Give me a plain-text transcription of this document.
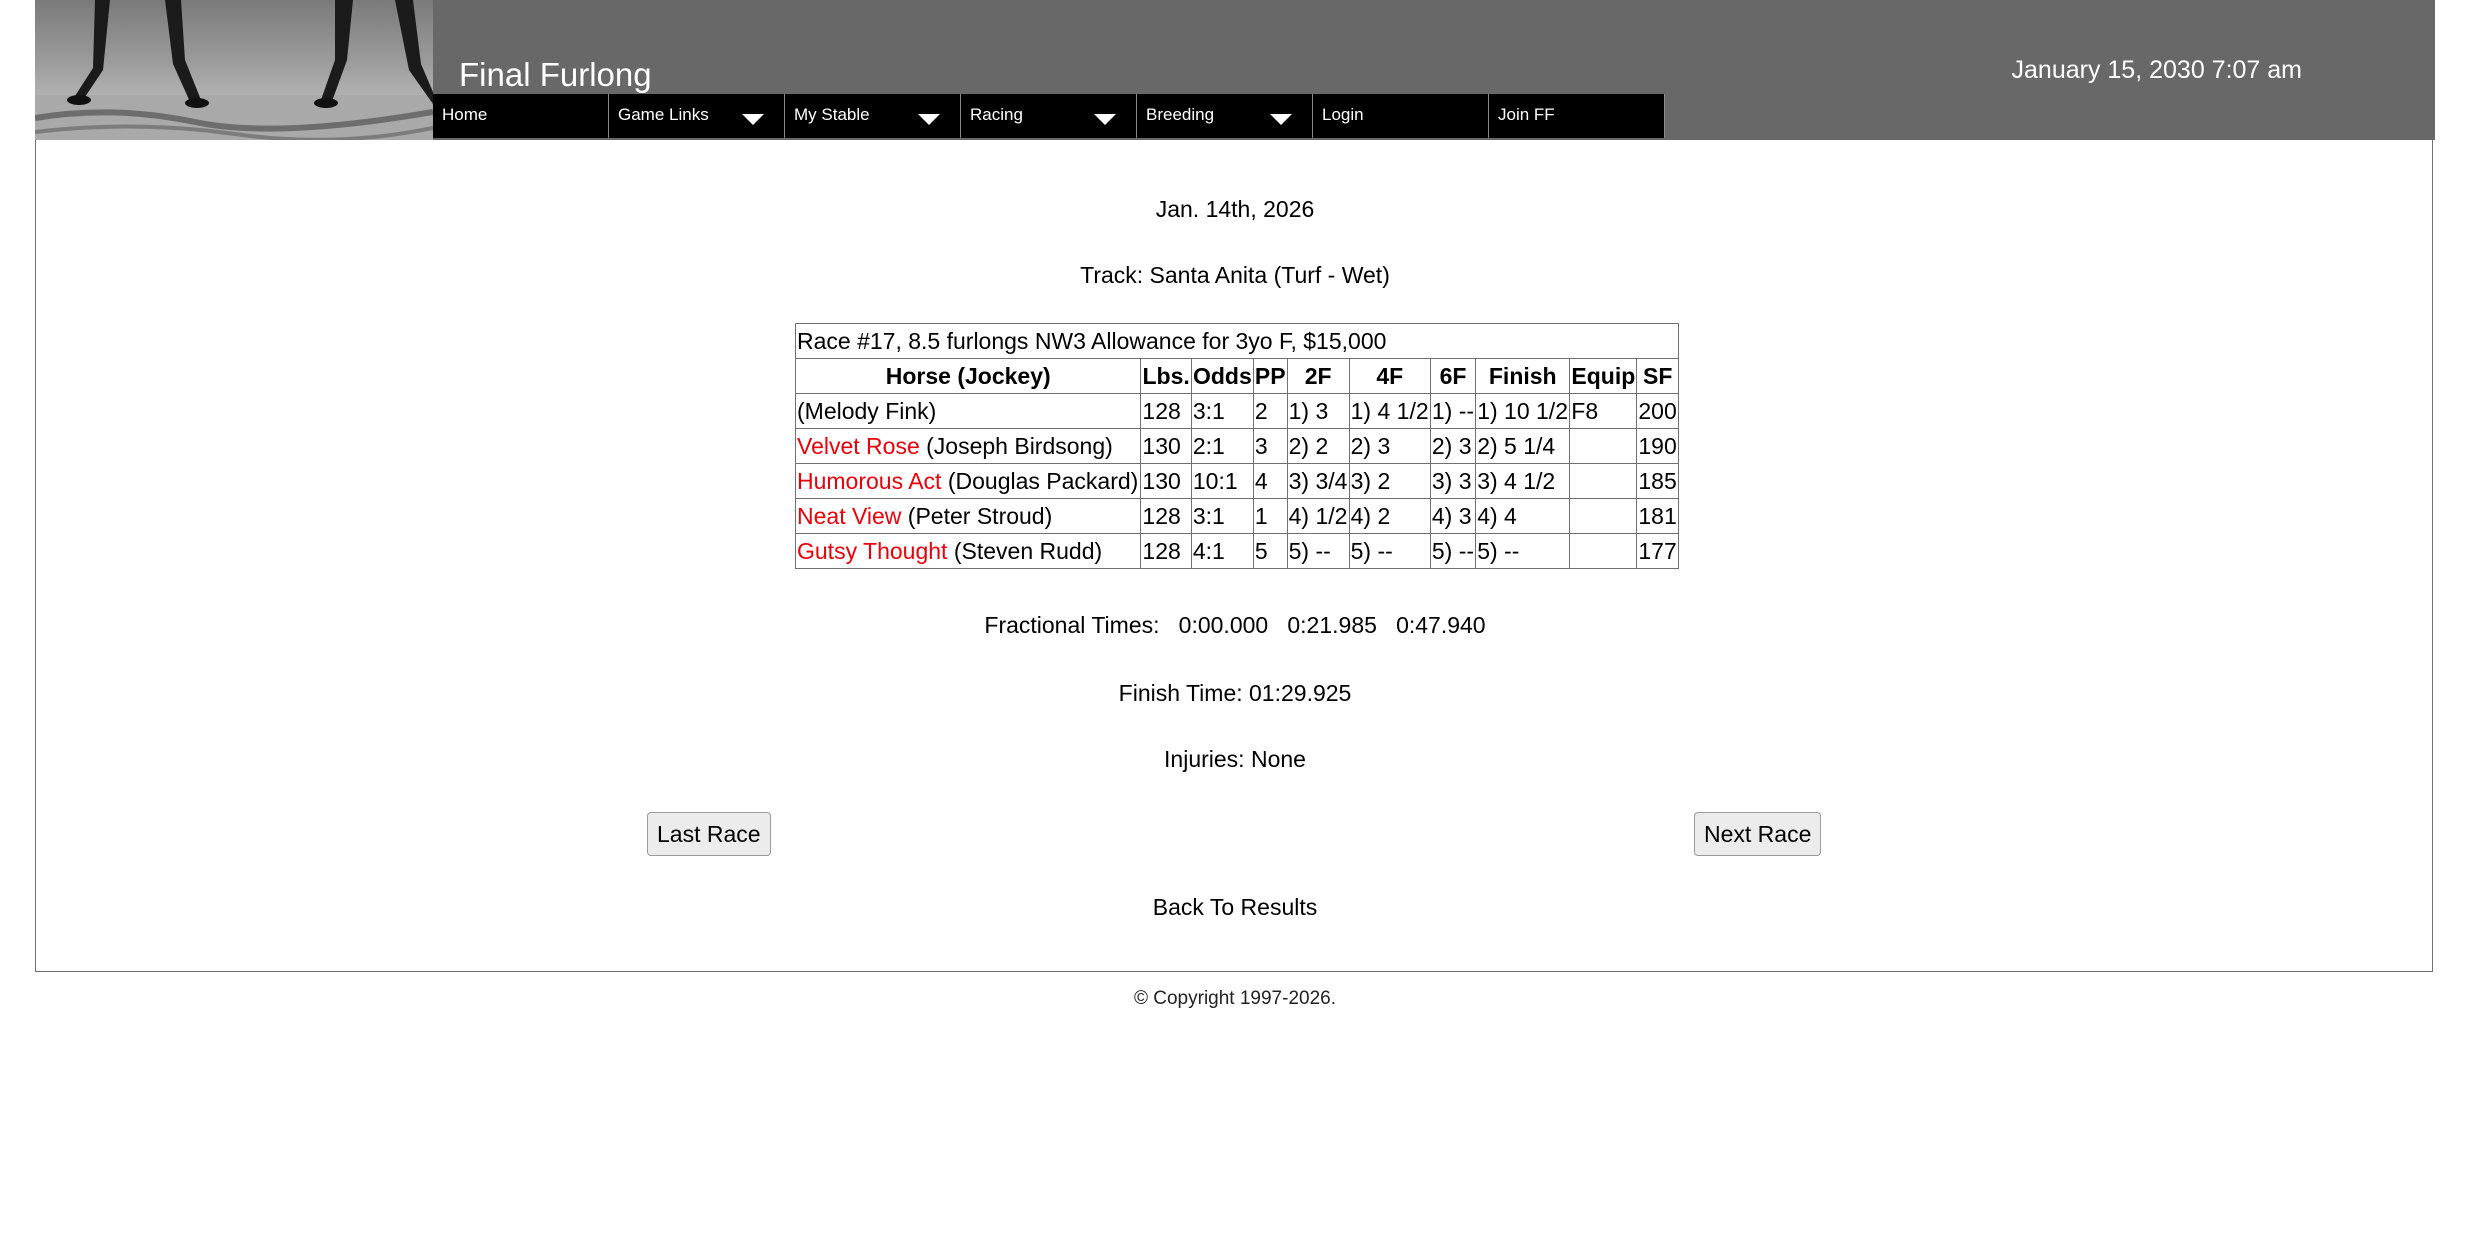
Final Furlong	January 15, 2030 7:07 am
Home	Game Links	My Stable	Racing	Breeding	Login	Join FF
Jan. 14th, 2026
Track: Santa Anita (Turf - Wet)
Race #17, 8.5 furlongs NW3 Allowance for 3yo F, $15,000									
Horse (Jockey)	Lbs.	Odds	PP	2F	4F	6F	Finish	Equip	SF
(Melody Fink)	128	3:1	2	1) 3	1) 4 1/2	1) --	1) 10 1/2	F8	200
Velvet Rose (Joseph Birdsong)	130	2:1	3	2) 2	2) 3	2) 3	2) 5 1/4		190
Humorous Act (Douglas Packard)	130	10:1	4	3) 3/4	3) 2	3) 3	3) 4 1/2		185
Neat View (Peter Stroud)	128	3:1	1	4) 1/2	4) 2	4) 3	4) 4		181
Gutsy Thought (Steven Rudd)	128	4:1	5	5) --	5) --	5) --	5) --		177
Fractional Times:   0:00.000   0:21.985   0:47.940
Finish Time: 01:29.925
Injuries: None
Last Race	Next Race
Back To Results
© Copyright 1997-2026.
